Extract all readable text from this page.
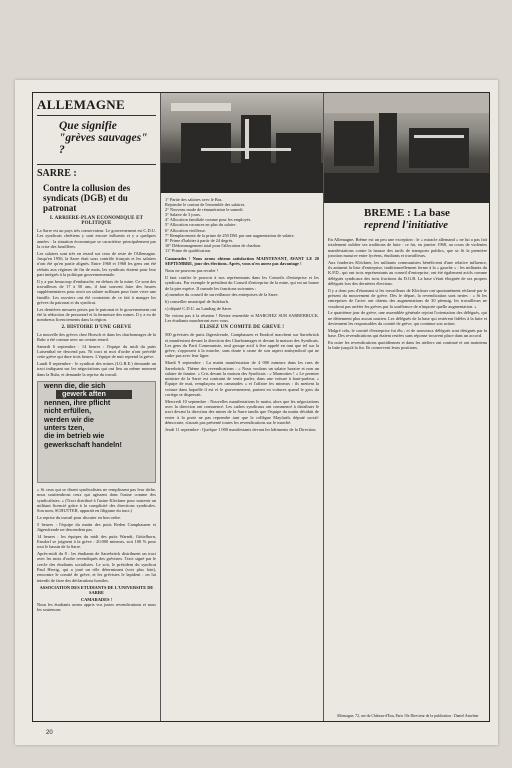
ALLEMAGNE
Que signifie "grèves sauvages" ?
SARRE :
Contre la collusion des syndicats (DGB) et du patronat
I. ARRIERE-PLAN ECONOMIQUE ET POLITIQUE

La Sarre est un pays très conservateur. Le gouvernement est C.D.U. Les syndicats chrétiens y sont encore influents et y a quelques années : la situation économique se caractérise principalement par la crise des houillères.

Les salaires sont très en retard sur ceux de reste de l'Allemagne. Jusqu'en 1956, la Sarre était sous contrôle français et les salaires n'ont été qu'en partie alignés. Entre 1960 et 1968 les gens ont été réduits aux régimes de fin de mois, les syndicats étaient pour leur part intégrés à la politique gouvernementale.

Il y a pas beaucoup d'embauche, en dehors de la mine. Ce sont des travailleurs de 17 à 50 ans, il faut souvent faire des heures supplémentaires pour avoir un salaire suffisant pour faire vivre une famille. Les ouvriers ont été contraints de ce fait à manger les grèves du patronat et du syndicat.

Les dernières mesures prises par le patronat et le gouvernement ont été la réduction de personnel et la fermeture des mines. Il y a eu de nombreux licenciements dans la région.

2. HISTOIRE D'UNE GREVE

La nouvelle des grèves chez Hoesch et dans les charbonnages de la Ruhr a été connue avec un certain retard.

Samedi 6 septembre : 14 heures : l'équipe du midi du puits Luisenthal ne descend pas. Ni tract ni mot d'ordre n'ont précédé cette grève qui dure trois heures. L'équipe de nuit reprend la grève.

Lundi 8 septembre : le syndicat des mines (I.G.B.E.) demande un tract indiquant sur les négociations qui ont lieu au même moment dans la Ruhr, et demande la reprise du travail.

wenn die, die sich
gewerk aften
nennen, ihre pflicht
nicht erfüllen,
werden wir die
unters tzen,
die im betrieb wie
gewerkschaft handeln!

« Si ceux qui se disent syndicalistes ne remplissent pas leur tâche, nous soutiendrons ceux qui agissent dans l'usine comme des syndicalistes. » (Tract distribué à l'usine Klöckner pour soutenir un militant licencié grâce à la complicité des directions syndicales. Son nom, SCHUTTER, apparaît en filigrane du tract.)

La reprise du travail pour discuter en bon ordre.

5 heures : l'équipe du matin des puits Reden Camphausen et Jägersfreude ne descendent pas.

14 heures : les équipes du midi des puits Warndt, Göttelborn, Ensdorf se joignent à la grève : 20.000 mineurs, soit 100 % pour tout le bassin de la Sarre.

Après-midi du 8 : les étudiants de Sarrebrück distribuent un tract avec les mots d'ordre revendiqués des grévistes. Tract signé par le cercle des étudiants socialistes. Le soir, le président du syndicat Paul Herrig, qui a joué un rôle déterminant (voir plus loin), rencontre le comité de grève, et les grévistes le lapident : on lui interdit de faire des déclarations hostiles.

ASSOCIATION DES ETUDIANTS DE L'UNIVERSITE DE SARRE
CAMARADES !

Nous les étudiants avons appris vos justes revendications et nous les soutenons

1° Partie des salaires avec le Bas.
Rejoindre le contrat de l'ensemble des salaires.
2° Nouveau mode de rémunération le samedi.
3° Salaire de 3 jours.
4° Allocation familiale comme pour les employés.
5° Allocation vacances en plus du salaire.
6° Allocation vieillesse.
7° Remplacement de la prime de 250 DM. par une augmentation de salaire.
8° Prime d'habiter à partir de 24 degrés.
10° Dédommagement total pour l'allocation de charbon.
11° Prime de qualification.

Camarades ! Nous avons obtenu satisfaction MAINTENANT, AVANT LE 20 SEPTEMBRE, jour des élections. Après, vous n'en aurez pas davantage !

Nous ne pouvons pas reculer !

Il faut confier le pouvoir à nos représentants dans les Conseils d'entreprise et les syndicats. Par exemple le président du Conseil d'entreprise de la mine, qui est un bonze de la pire espèce. Il cumule les fonctions suivantes :

a) membre du conseil de surveillance des entreprises de la Sarre.

b) conseiller municipal de Sulzbach.

c) député C.D.U. au Landtag de Sarre.

Ne votons pas à la réunion ! Restez ensemble et MARCHEZ SUR SARREBRUCK. Les étudiants marcheront avec vous.

ELISEZ UN COMITE DE GREVE !

500 grévistes de puits Jägersfreude, Camphausen et Ensdorf marchent sur Sarrebrück et manifestent devant la direction des Charbonnages et devant la maison des Syndicats. Les gens du Parti Communiste, seul groupe actif à être appelé en tant que tel sur la grève, s'opposent à la marche, sans doute à cause de son aspect antisyndical qui ne cadre pas avec leur ligne.

Mardi 9 septembre : La matin manifestation de 4 000 mineurs dans les rues de Sarrebrück. Thème des revendications : « Nous voulons un salaire horaire et non un salaire de famine. » Cris devant la maison des Syndicats : « Marmottes ! » Le premier ministre de la Sarre est contraint de venir parler, dans une voiture à haut-parleur, « Équipe de nuit, remplaçons ses camarades » et l'affaire les mineurs : ils mettent la voiture dans laquelle il est et le gouvernement, partent en voitures quand le gros du cortège se dispersait.

Mercredi 10 septembre : Nouvelles manifestations le matin, alors que les négociations avec la direction ont commencé. Les cadres syndicaux ont commencé à distribuer le tract devant la direction des mines de la Sarre tandis que l'équipe du matin décidait de rester à la porte ne pas reprendre tant que le collègue Mayfarth, député social-démocrate, n'aurait pas présenté toutes les revendications sur le marché.

Jeudi 11 septembre : Quelque 1 000 manifestants devant les bâtiments de la Direction.

BREME : La base
reprend l'initiative

En Allemagne, Brême est un peu une exception : le « miracle allemand » ne lui a pas fait totalement oublier ses traditions de lutte : ce fut, en janvier 1968, au cours de violentes manifestations contre la hausse des tarifs de transports publics, que se fit la première jonction massive entre lycéens, étudiants et travailleurs.

Aux fonderies Klöckner, les militants communistes bénéficient d'une relative influence, ils animent la liste d'entreprise, traditionnellement ferme à la « gauche » : les militants du K.P.D., qui ont trois représentants au conseil d'entreprise, ont été également actifs comme délégués syndicaux des trois fractions du D.G.B. La base s'était éloignée de ses propres délégués lors des dernières élections.

Il y a donc peu d'étonnant si les travailleurs de Klöckner ont spontanément réclamé par le présent du mouvement de grève. Dès le départ, la revendication sont nettes : « Si les entreprises de l'acier ont obtenu des augmentations de 30 pfennig, les travailleurs ne voudront pas arrêter les grèves par la souffrance de n'importe quelle augmentation. »

Le quatrième jour de grève, une assemblée générale rejoint l'orientation des délégués, qui ne détiennent plus aucun soutien. Les délégués de la base qui restèrent fidèles à la lutte et deviennent les responsables du comité de grève, qui continue son action.

Malgré cela, le comité d'entreprise fut élu ; et de nouveaux délégués sont désignés par la base. Des revendications qui étaient restées sans réponse trouvent place dans un accord.

En outre les revendications quotidiennes et dans les ateliers ont continué et ont maintenu la lutte jusqu'à la fin. Ils conservent leurs positions.

Allemagne, 72, rue du Château-d'Eau, Paris 10e Directeur de la publication : Daniel Anselme
20
